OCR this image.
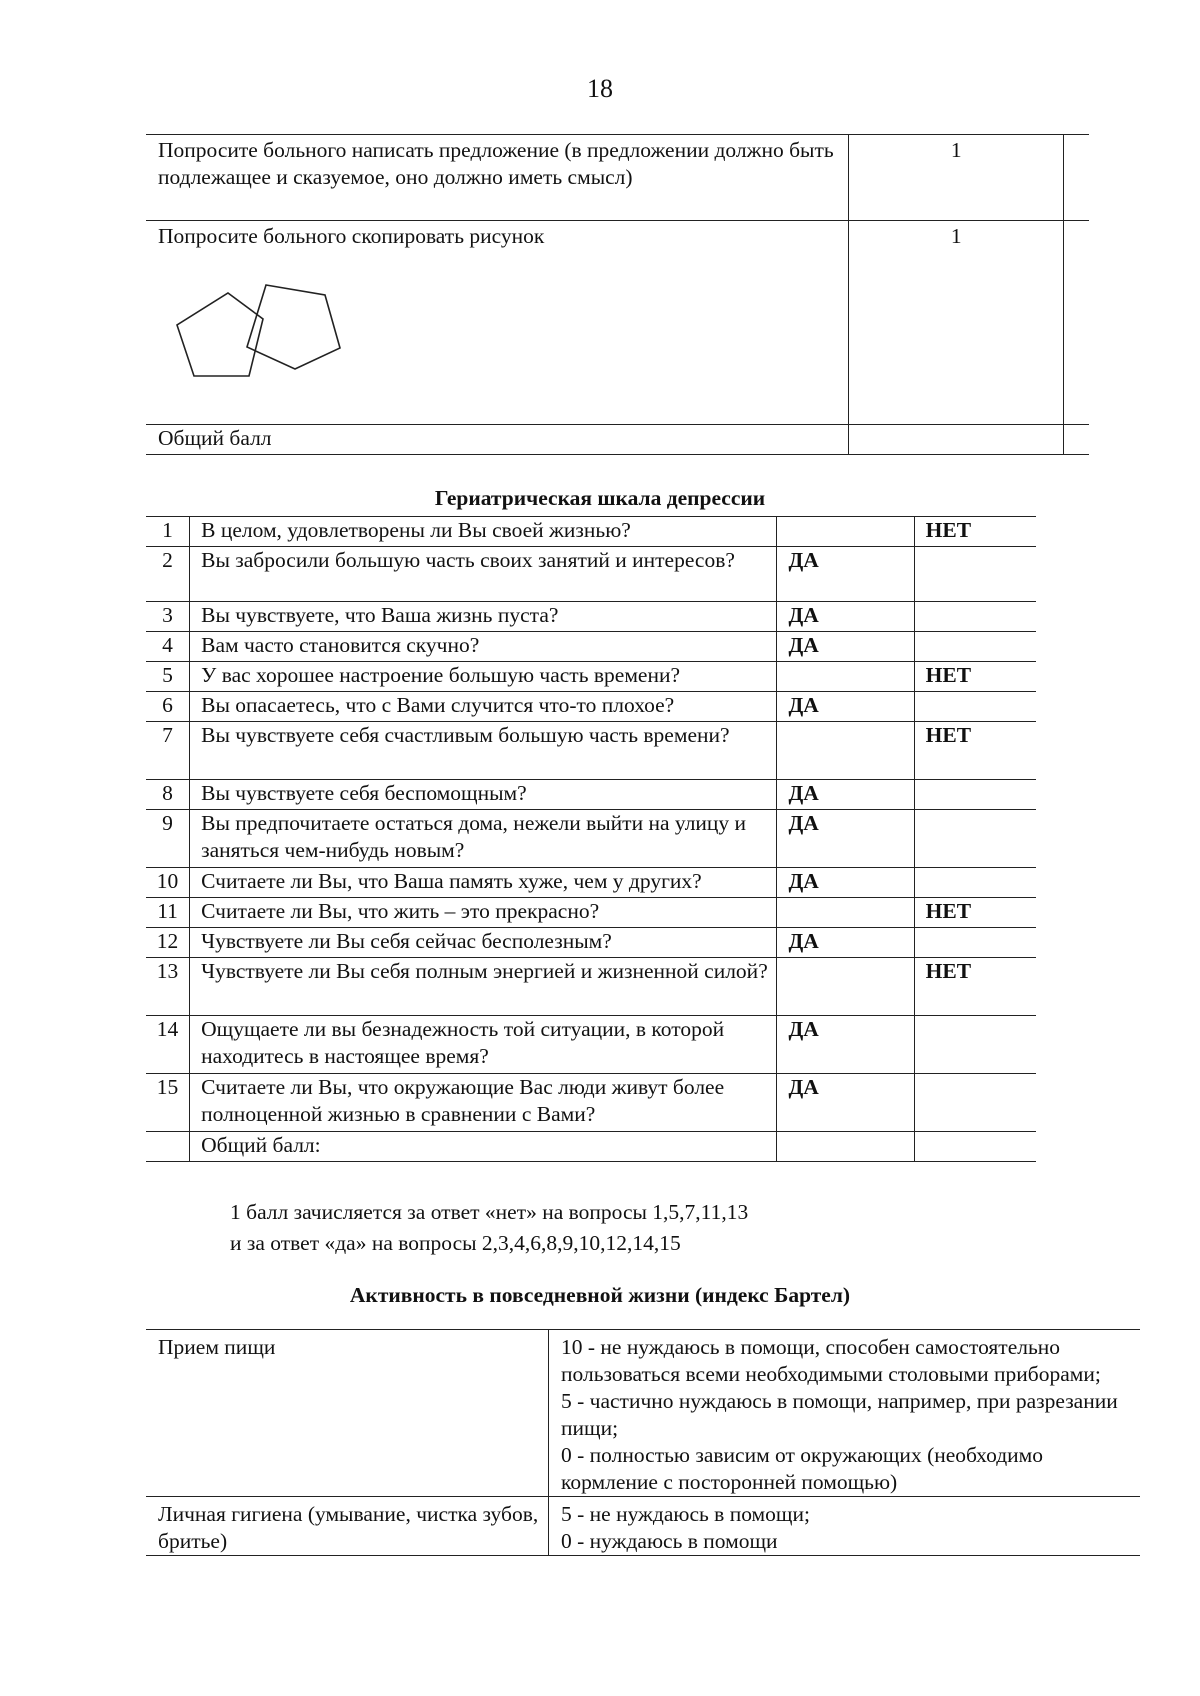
18
Попросите больного написать предложение (в предложении должно быть подлежащее и сказуемое, оно должно иметь смысл)	1	

Попросите больного скопировать рисунок	1	
Общий балл		
Гериатрическая шкала депрессии
1	В целом, удовлетворены ли Вы своей жизнью?		НЕТ
2	Вы забросили большую часть своих занятий и интересов?	ДА	
3	Вы чувствуете, что Ваша жизнь пуста?	ДА	
4	Вам часто становится скучно?	ДА	
5	У вас хорошее настроение большую часть времени?		НЕТ
6	Вы опасаетесь, что с Вами случится что-то плохое?	ДА	
7	Вы чувствуете себя счастливым большую часть времени?		НЕТ
8	Вы чувствуете себя беспомощным?	ДА	
9	Вы предпочитаете остаться дома, нежели выйти на улицу и заняться чем-нибудь новым?	ДА	
10	Считаете ли Вы, что Ваша память хуже, чем у других?	ДА	
11	Считаете ли Вы, что жить – это прекрасно?		НЕТ
12	Чувствуете ли Вы себя сейчас бесполезным?	ДА	
13	Чувствуете ли Вы себя полным энергией и жизненной силой?		НЕТ
14	Ощущаете ли вы безнадежность той ситуации, в которой находитесь в настоящее время?	ДА	
15	Считаете ли Вы, что окружающие Вас люди живут более полноценной жизнью в сравнении с Вами?	ДА	
	Общий балл:		
1 балл зачисляется за ответ «нет» на вопросы 1,5,7,11,13
и за ответ «да» на вопросы 2,3,4,6,8,9,10,12,14,15
Активность в повседневной жизни (индекс Бартел)
Прием пищи	10 - не нуждаюсь в помощи, способен самостоятельно пользоваться всеми необходимыми столовыми приборами;
5 - частично нуждаюсь в помощи, например, при разрезании пищи;
0 - полностью зависим от окружающих (необходимо кормление с посторонней помощью)

Личная гигиена (умывание, чистка зубов, бритье)	5 - не нуждаюсь в помощи;
0 - нуждаюсь в помощи
